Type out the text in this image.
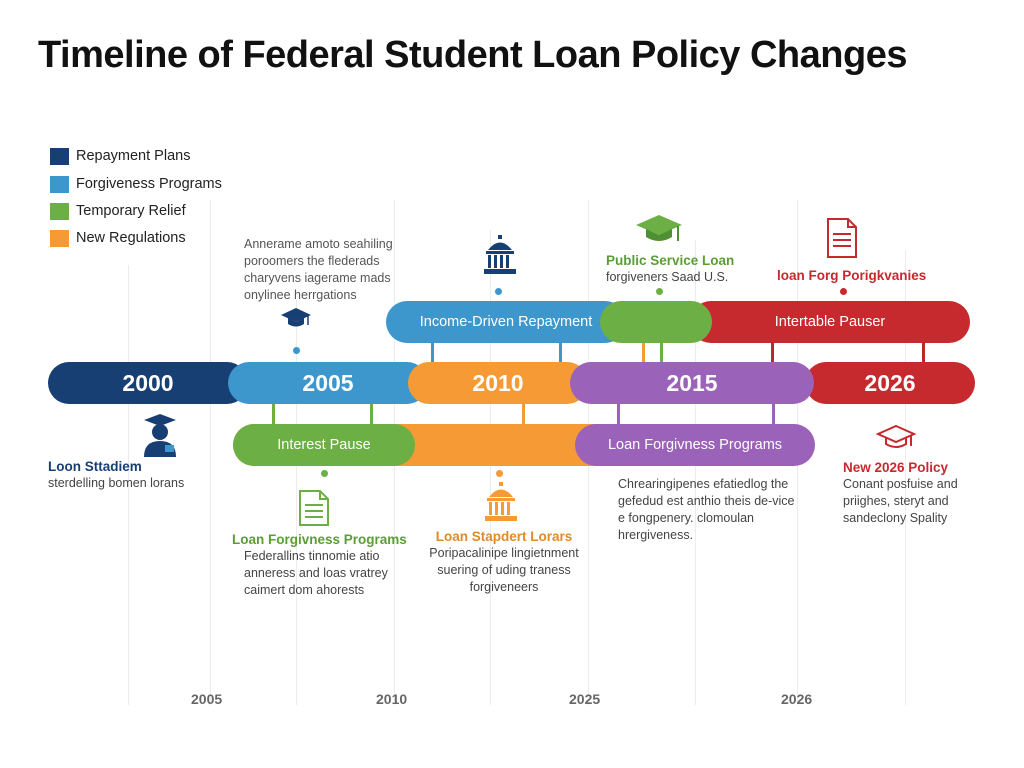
Timeline of Federal Student Loan Policy Changes
Repayment Plans
Forgiveness Programs
Temporary Relief
New Regulations
Income-Driven Repayment	Intertable Pauser
2000	2005	2010	2015	2026
Interest Pause	Loan Forgivness Programs
Annerame amoto seahiling
poroomers the flederads
charyvens iagerame mads
onylinee herrgations
Public Service Loan
forgiveners Saad U.S.	loan Forg Porigkvanies
Loon Sttadiem
sterdelling bomen lorans
Loan Forgivness Programs
Federallins tinnomie atio
anneress and loas vratrey
caimert dom ahorests
Loan Stapdert Lorars
Poripacalinipe lingietnment
suering of uding traness
forgiveneers
Chrearingipenes efatiedlog the
gefedud est anthio theis de-vice
e fongpenery. clomoulan
hrergiveness.
New 2026 Policy
Conant posfuise and
priighes, steryt and
sandeclony Spality
2005	2010	2025	2026
